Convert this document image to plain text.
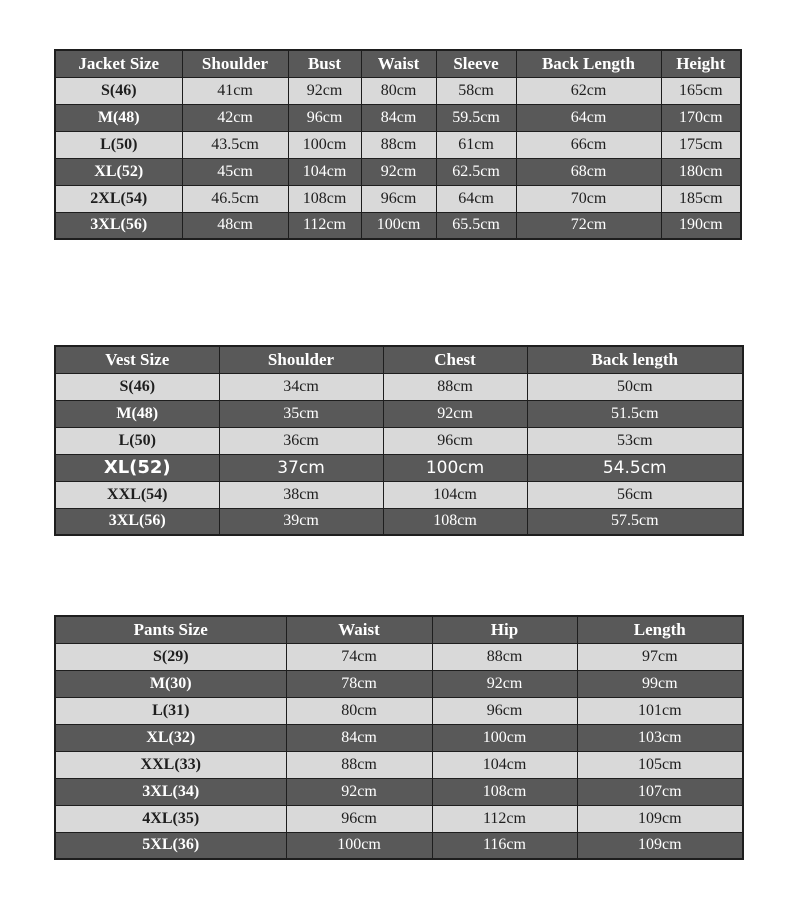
Jacket Size	Shoulder	Bust	Waist	Sleeve	Back Length	Height
S(46)	41cm	92cm	80cm	58cm	62cm	165cm
M(48)	42cm	96cm	84cm	59.5cm	64cm	170cm
L(50)	43.5cm	100cm	88cm	61cm	66cm	175cm
XL(52)	45cm	104cm	92cm	62.5cm	68cm	180cm
2XL(54)	46.5cm	108cm	96cm	64cm	70cm	185cm
3XL(56)	48cm	112cm	100cm	65.5cm	72cm	190cm
Vest Size	Shoulder	Chest	Back length
S(46)	34cm	88cm	50cm
M(48)	35cm	92cm	51.5cm
L(50)	36cm	96cm	53cm
XL(52)	37cm	100cm	54.5cm
XXL(54)	38cm	104cm	56cm
3XL(56)	39cm	108cm	57.5cm
Pants Size	Waist	Hip	Length
S(29)	74cm	88cm	97cm
M(30)	78cm	92cm	99cm
L(31)	80cm	96cm	101cm
XL(32)	84cm	100cm	103cm
XXL(33)	88cm	104cm	105cm
3XL(34)	92cm	108cm	107cm
4XL(35)	96cm	112cm	109cm
5XL(36)	100cm	116cm	109cm
